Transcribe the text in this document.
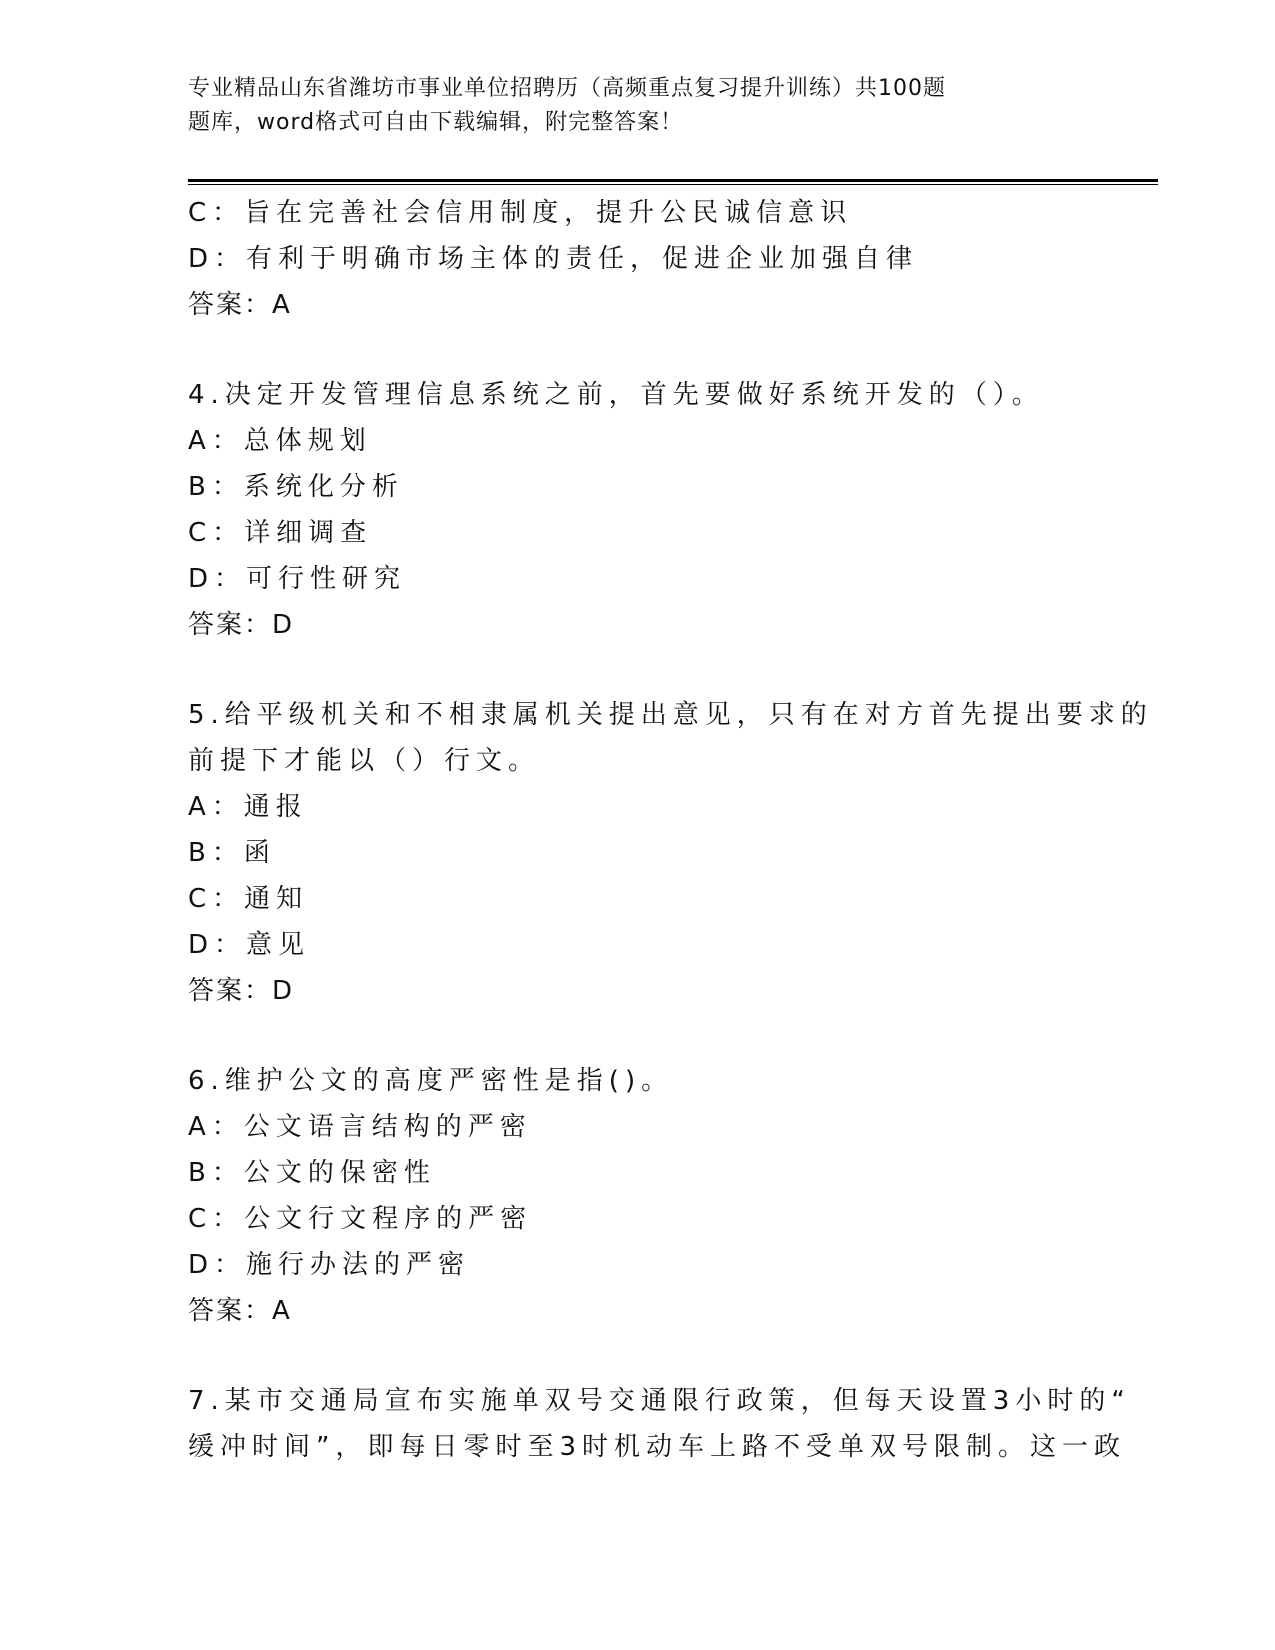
专业精品山东省潍坊市事业单位招聘历（高频重点复习提升训练）共100题
题库，word格式可自由下载编辑，附完整答案！
C：旨在完善社会信用制度，提升公民诚信意识
D：有利于明确市场主体的责任，促进企业加强自律
答案：A
4.决定开发管理信息系统之前，首先要做好系统开发的（）。
A：总体规划
B：系统化分析
C：详细调查
D：可行性研究
答案：D
5.给平级机关和不相隶属机关提出意见，只有在对方首先提出要求的
前提下才能以（）行文。
A：通报
B：函
C：通知
D：意见
答案：D
6.维护公文的高度严密性是指()。
A：公文语言结构的严密
B：公文的保密性
C：公文行文程序的严密
D：施行办法的严密
答案：A
7.某市交通局宣布实施单双号交通限行政策，但每天设置3小时的“
缓冲时间”，即每日零时至3时机动车上路不受单双号限制。这一政
